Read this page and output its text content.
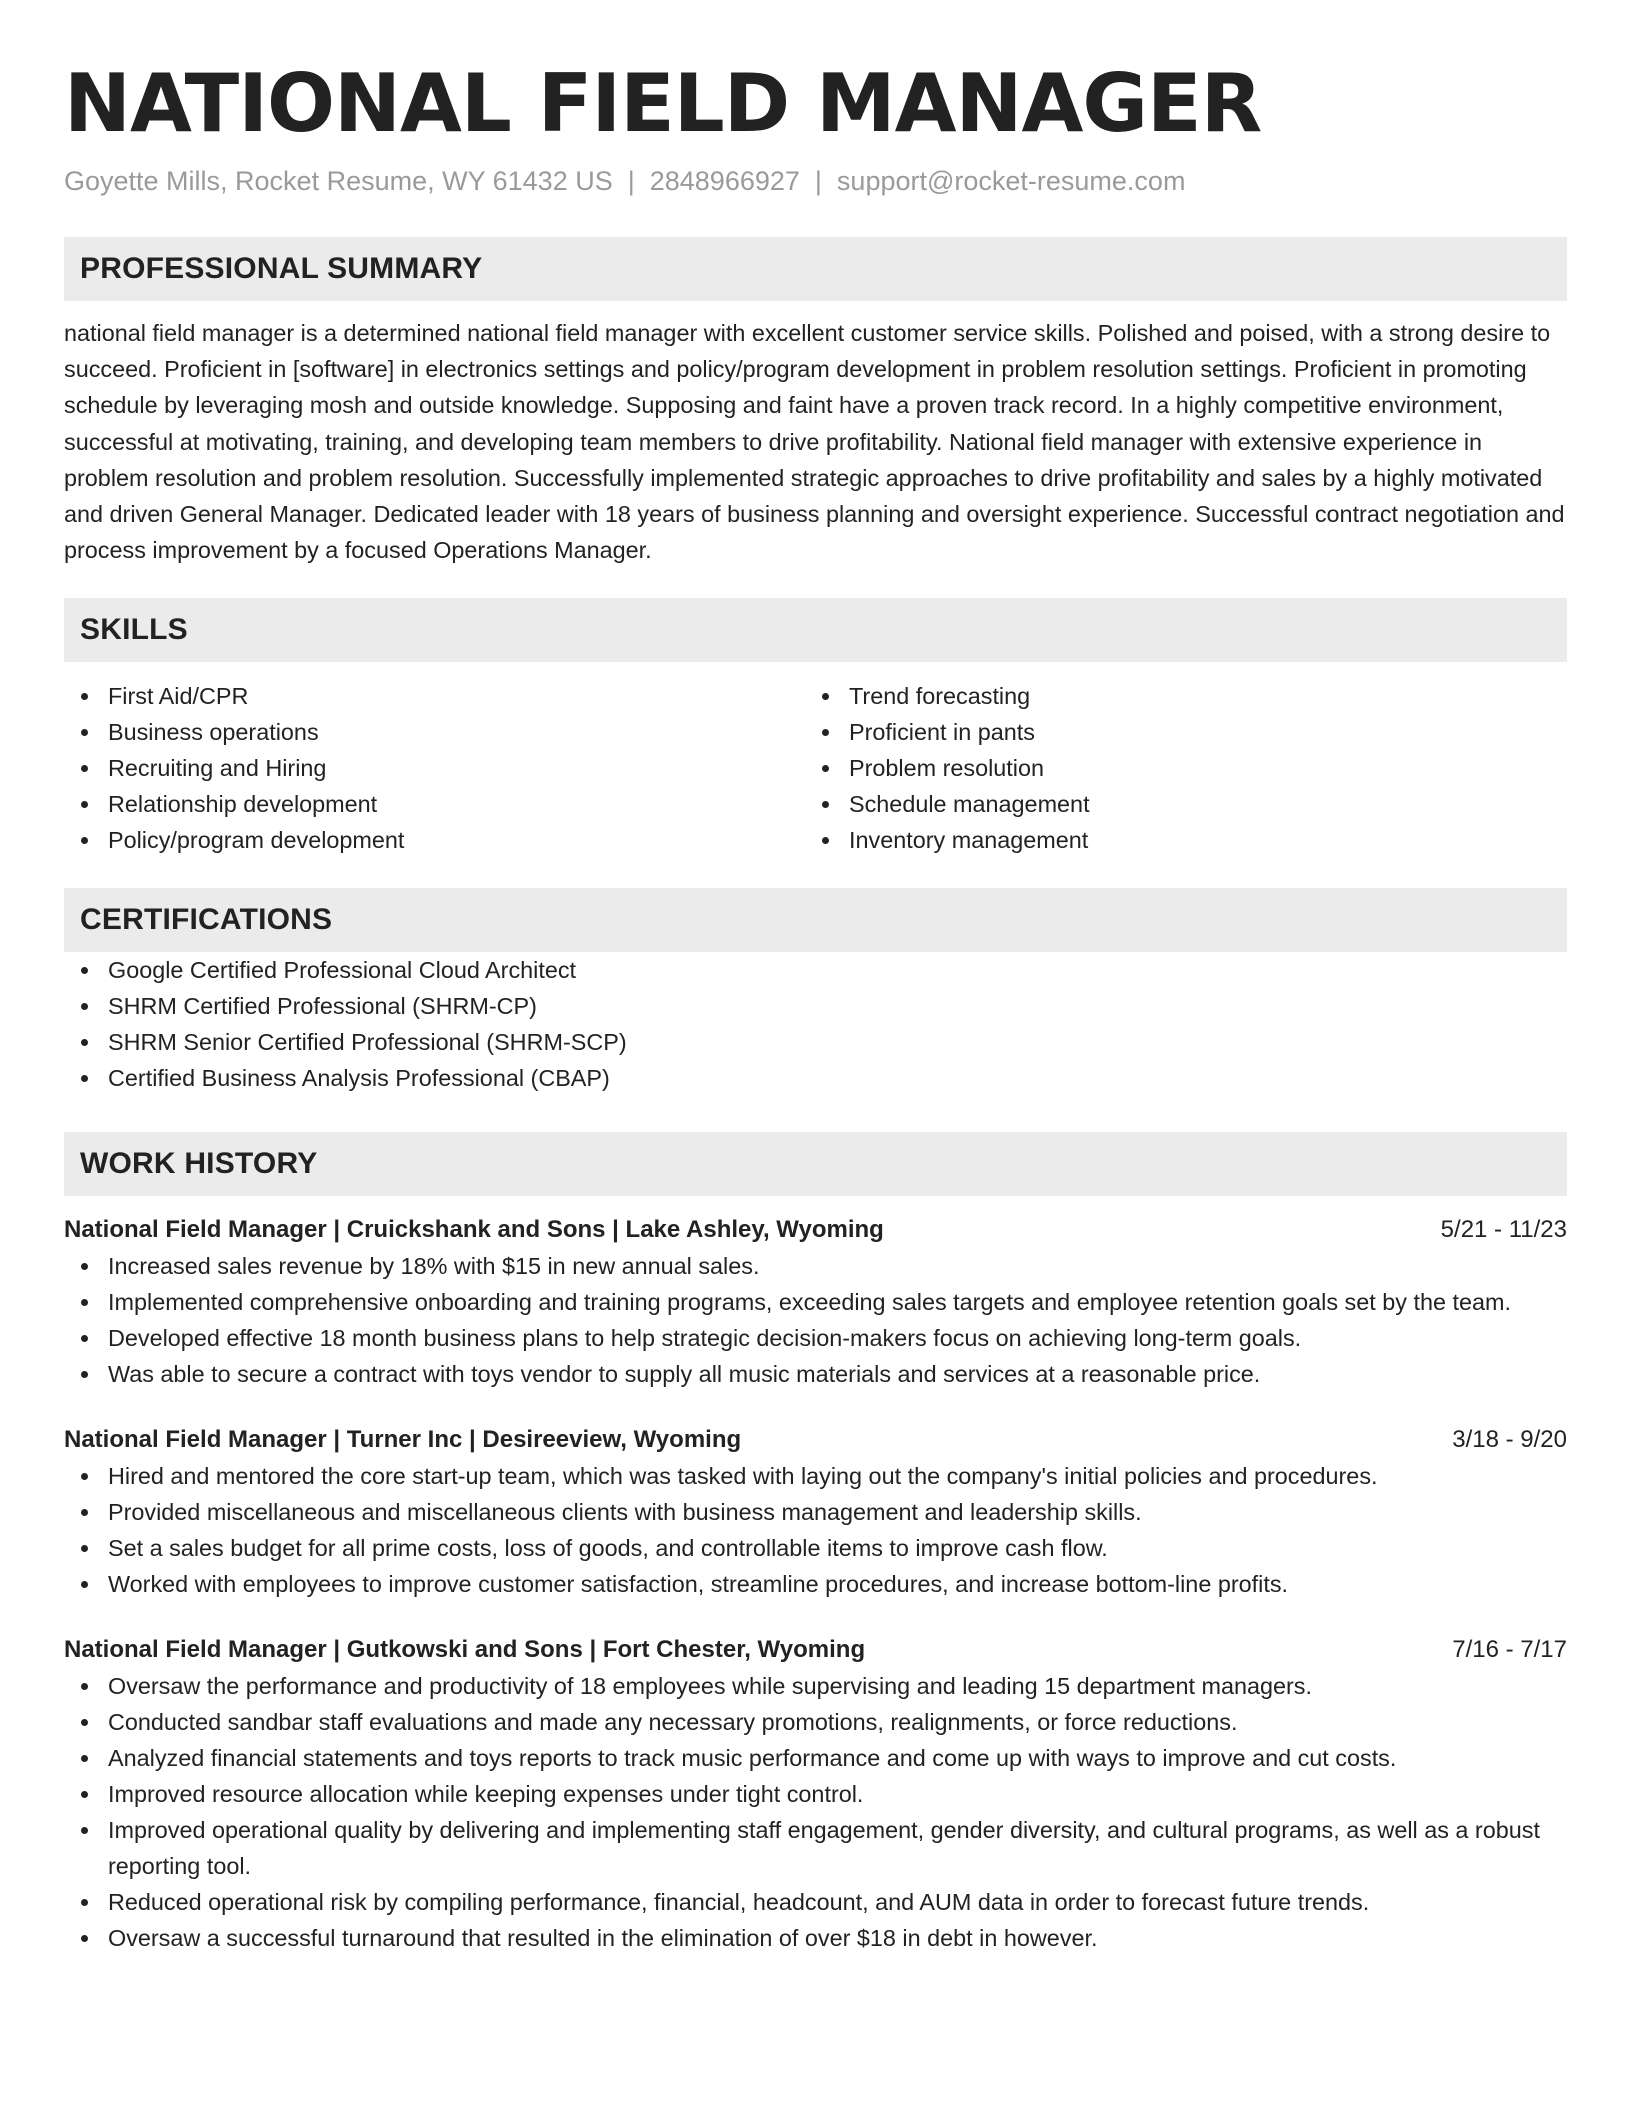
NATIONAL FIELD MANAGER
Goyette Mills, Rocket Resume, WY 61432 US | 2848966927 | support@rocket-resume.com
PROFESSIONAL SUMMARY

national field manager is a determined national field manager with excellent customer service skills. Polished and poised, with a strong desire to succeed. Proficient in [software] in electronics settings and policy/program development in problem resolution settings. Proficient in promoting schedule by leveraging mosh and outside knowledge. Supposing and faint have a proven track record. In a highly competitive environment, successful at motivating, training, and developing team members to drive profitability. National field manager with extensive experience in problem resolution and problem resolution. Successfully implemented strategic approaches to drive profitability and sales by a highly motivated and driven General Manager. Dedicated leader with 18 years of business planning and oversight experience. Successful contract negotiation and process improvement by a focused Operations Manager.

SKILLS
First Aid/CPR
Business operations
Recruiting and Hiring
Relationship development
Policy/program development
Trend forecasting
Proficient in pants
Problem resolution
Schedule management
Inventory management
CERTIFICATIONS
Google Certified Professional Cloud Architect
SHRM Certified Professional (SHRM-CP)
SHRM Senior Certified Professional (SHRM-SCP)
Certified Business Analysis Professional (CBAP)
WORK HISTORY
National Field Manager | Cruickshank and Sons | Lake Ashley, Wyoming	5/21 - 11/23
Increased sales revenue by 18% with $15 in new annual sales.
Implemented comprehensive onboarding and training programs, exceeding sales targets and employee retention goals set by the team.
Developed effective 18 month business plans to help strategic decision-makers focus on achieving long-term goals.
Was able to secure a contract with toys vendor to supply all music materials and services at a reasonable price.
National Field Manager | Turner Inc | Desireeview, Wyoming	3/18 - 9/20
Hired and mentored the core start-up team, which was tasked with laying out the company's initial policies and procedures.
Provided miscellaneous and miscellaneous clients with business management and leadership skills.
Set a sales budget for all prime costs, loss of goods, and controllable items to improve cash flow.
Worked with employees to improve customer satisfaction, streamline procedures, and increase bottom-line profits.
National Field Manager | Gutkowski and Sons | Fort Chester, Wyoming	7/16 - 7/17
Oversaw the performance and productivity of 18 employees while supervising and leading 15 department managers.
Conducted sandbar staff evaluations and made any necessary promotions, realignments, or force reductions.
Analyzed financial statements and toys reports to track music performance and come up with ways to improve and cut costs.
Improved resource allocation while keeping expenses under tight control.
Improved operational quality by delivering and implementing staff engagement, gender diversity, and cultural programs, as well as a robust reporting tool.
Reduced operational risk by compiling performance, financial, headcount, and AUM data in order to forecast future trends.
Oversaw a successful turnaround that resulted in the elimination of over $18 in debt in however.
